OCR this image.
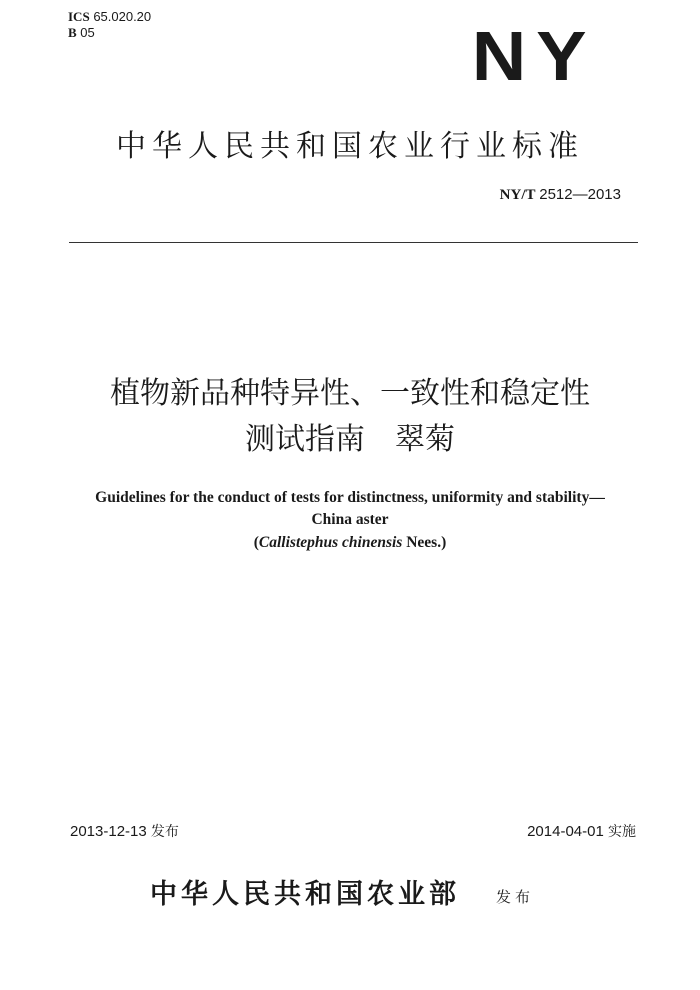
ICS 65.020.20
B 05	NY
中华人民共和国农业行业标准
NY/T 2512—2013
植物新品种特异性、一致性和稳定性
测试指南　翠菊
Guidelines for the conduct of tests for distinctness, uniformity and stability—
China aster
(Callistephus chinensis Nees.)
2013-12-13 发布	2014-04-01 实施
中华人民共和国农业部 发布
